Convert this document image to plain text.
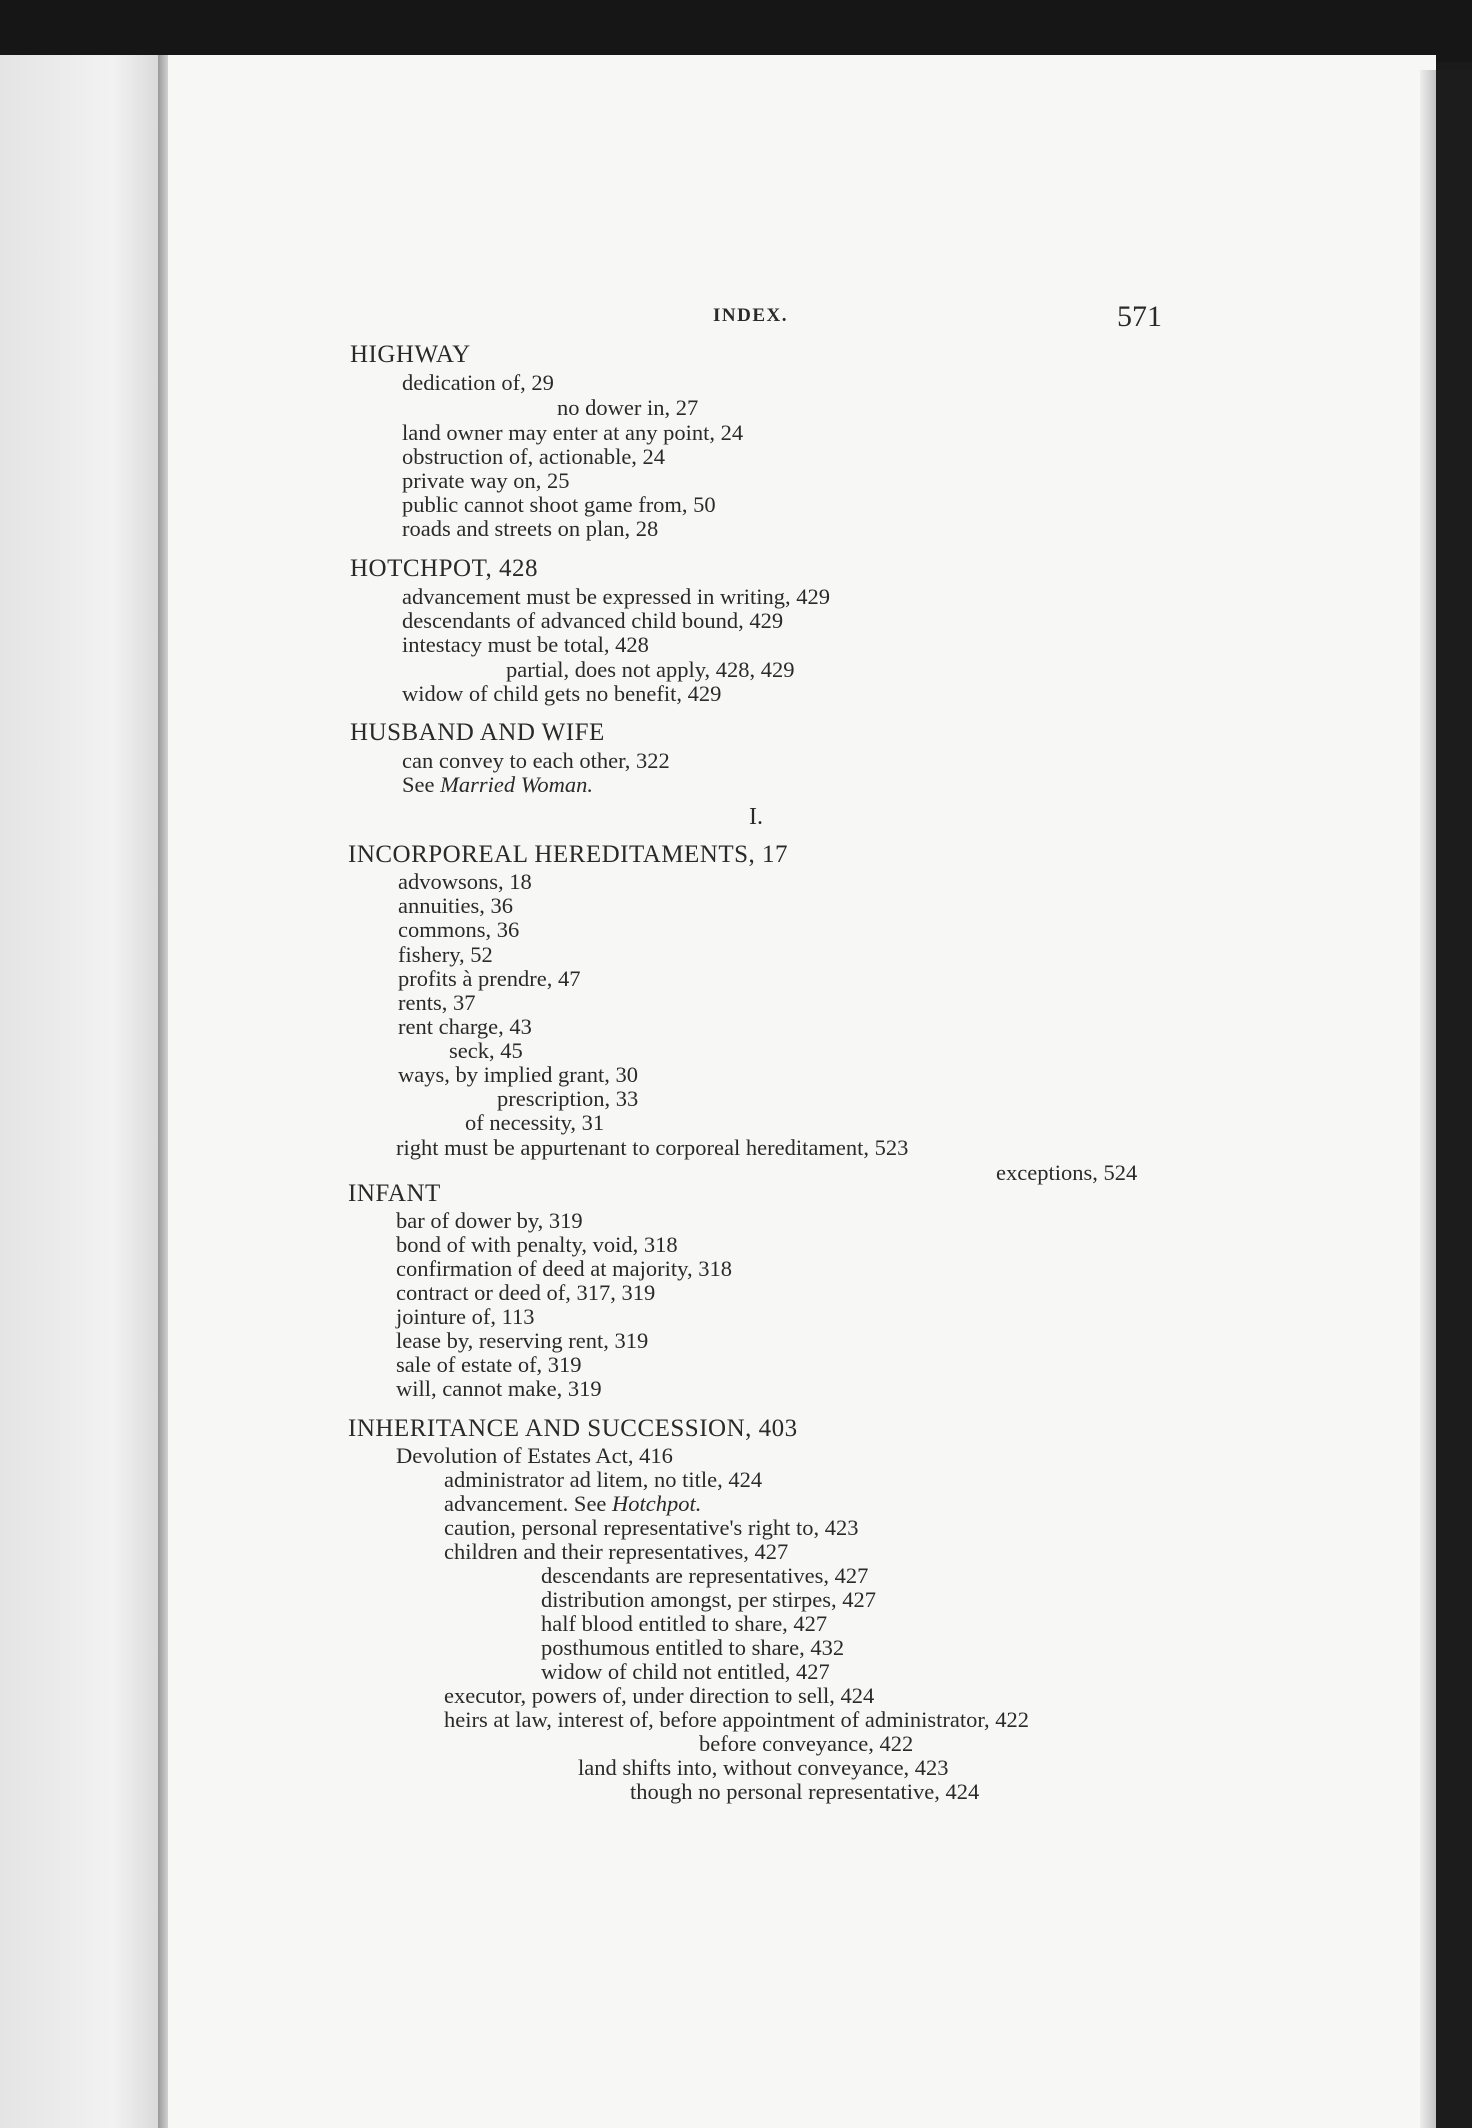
INDEX.	571
HIGHWAY
dedication of, 29
no dower in, 27
land owner may enter at any point, 24
obstruction of, actionable, 24
private way on, 25
public cannot shoot game from, 50
roads and streets on plan, 28
HOTCHPOT, 428
advancement must be expressed in writing, 429
descendants of advanced child bound, 429
intestacy must be total, 428
partial, does not apply, 428, 429
widow of child gets no benefit, 429
HUSBAND AND WIFE
can convey to each other, 322
See Married Woman.
I.
INCORPOREAL HEREDITAMENTS, 17
advowsons, 18
annuities, 36
commons, 36
fishery, 52
profits à prendre, 47
rents, 37
rent charge, 43
seck, 45
ways, by implied grant, 30
prescription, 33
of necessity, 31
right must be appurtenant to corporeal hereditament, 523
exceptions, 524
INFANT
bar of dower by, 319
bond of with penalty, void, 318
confirmation of deed at majority, 318
contract or deed of, 317, 319
jointure of, 113
lease by, reserving rent, 319
sale of estate of, 319
will, cannot make, 319
INHERITANCE AND SUCCESSION, 403
Devolution of Estates Act, 416
administrator ad litem, no title, 424
advancement. See Hotchpot.
caution, personal representative's right to, 423
children and their representatives, 427
descendants are representatives, 427
distribution amongst, per stirpes, 427
half blood entitled to share, 427
posthumous entitled to share, 432
widow of child not entitled, 427
executor, powers of, under direction to sell, 424
heirs at law, interest of, before appointment of administrator, 422
before conveyance, 422
land shifts into, without conveyance, 423
though no personal representative, 424
